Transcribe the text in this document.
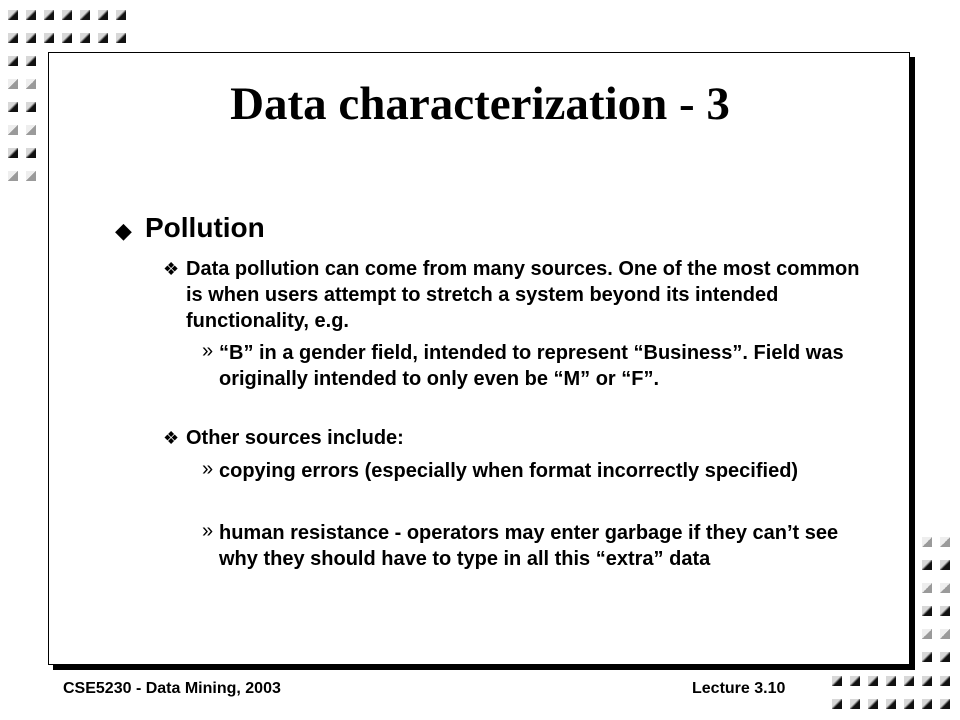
Data characterization - 3
◆ Pollution
❖ Data pollution can come from many sources. One of the most common is when users attempt to stretch a system beyond its intended functionality, e.g.
» “B” in a gender field, intended to represent “Business”. Field was originally intended to only even be “M” or “F”.
❖ Other sources include:
» copying errors (especially when format incorrectly specified)
» human resistance - operators may enter garbage if they can’t see why they should have to type in all this “extra” data
CSE5230 - Data Mining, 2003	Lecture 3.10
